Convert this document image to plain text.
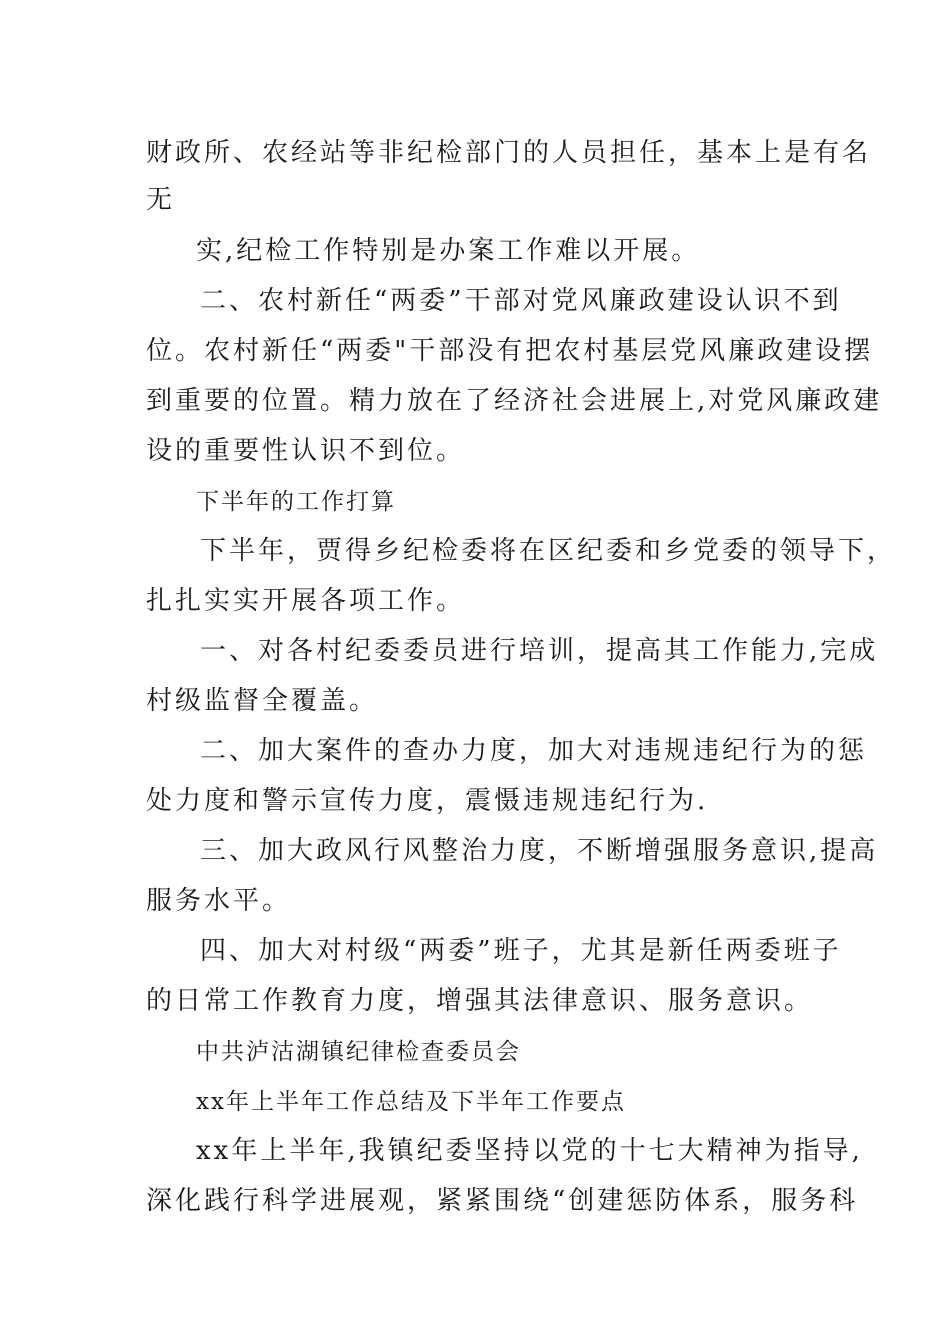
财政所、农经站等非纪检部门的人员担任，基本上是有名
无
实,纪检工作特别是办案工作难以开展。
二、农村新任“两委”干部对党风廉政建设认识不到
位。农村新任“两委"干部没有把农村基层党风廉政建设摆
到重要的位置。精力放在了经济社会进展上,对党风廉政建
设的重要性认识不到位。
下半年的工作打算
下半年，贾得乡纪检委将在区纪委和乡党委的领导下，
扎扎实实开展各项工作。
一、对各村纪委委员进行培训，提高其工作能力,完成
村级监督全覆盖。
二、加大案件的查办力度，加大对违规违纪行为的惩
处力度和警示宣传力度，震慑违规违纪行为.
三、加大政风行风整治力度，不断增强服务意识,提高
服务水平。
四、加大对村级“两委”班子，尤其是新任两委班子
的日常工作教育力度，增强其法律意识、服务意识。
中共泸沽湖镇纪律检查委员会
xx年上半年工作总结及下半年工作要点
xx年上半年,我镇纪委坚持以党的十七大精神为指导,
深化践行科学进展观，紧紧围绕“创建惩防体系，服务科
